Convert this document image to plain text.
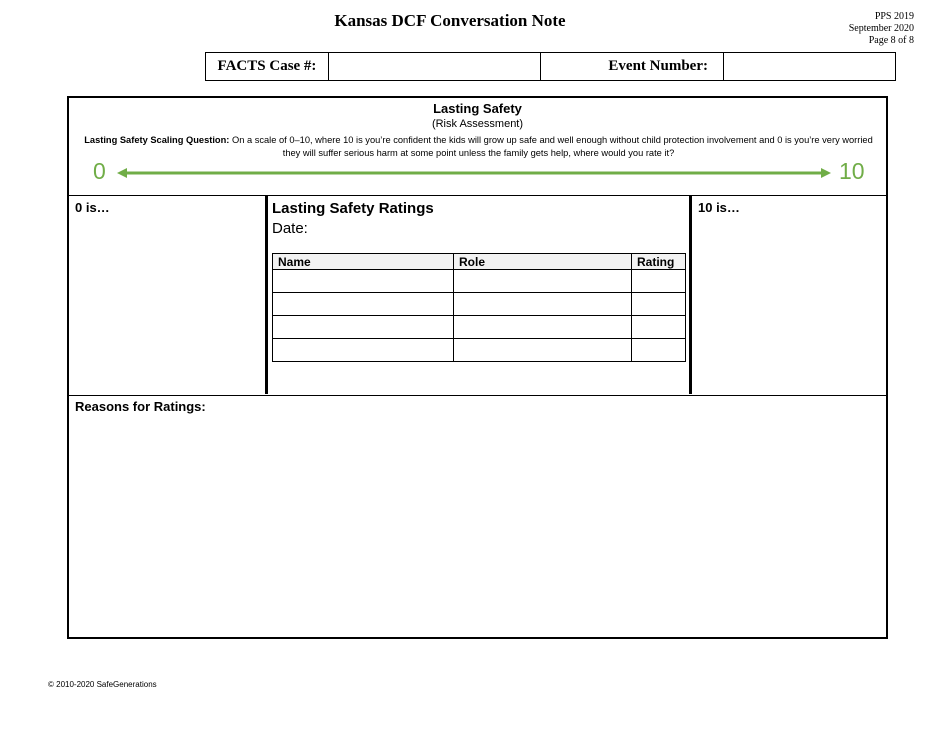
Kansas DCF Conversation Note	PPS 2019
September 2020
Page 8 of 8
FACTS Case #:		Event Number:	
Lasting Safety
(Risk Assessment)
Lasting Safety Scaling Question: On a scale of 0–10, where 10 is you’re confident the kids will grow up safe and well enough without child protection involvement and 0 is you’re very worried they will suffer serious harm at some point unless the family gets help, where would you rate it?
0	10
0 is…	Lasting Safety Ratings
Date:
Name	Role	Rating

10 is…
Reasons for Ratings:
© 2010-2020 SafeGenerations
